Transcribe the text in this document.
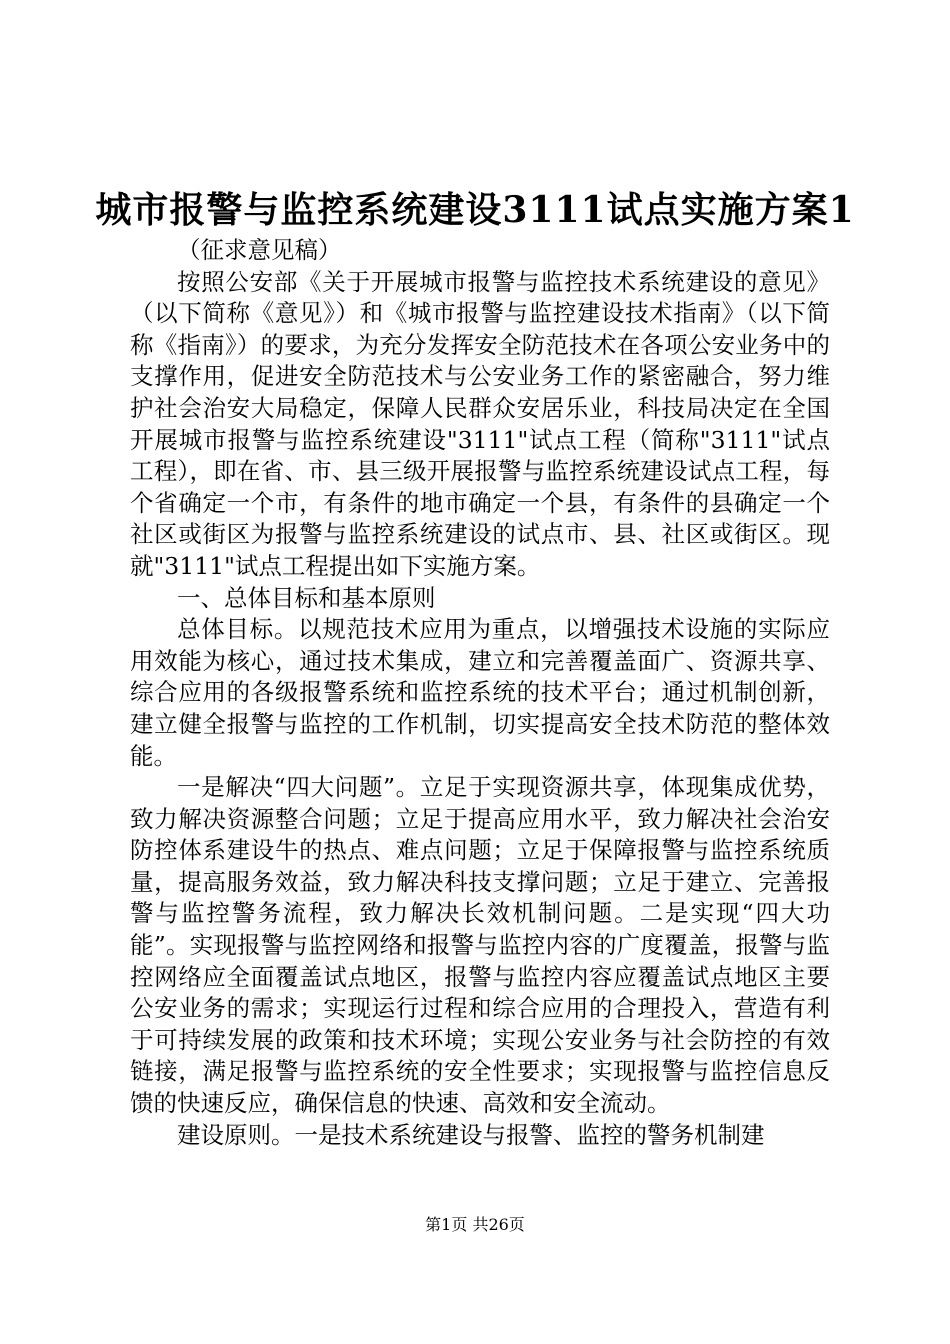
城市报警与监控系统建设3111试点实施方案1

（征求意见稿）

按照公安部《关于开展城市报警与监控技术系统建设的意见》（以下简称《意见》）和《城市报警与监控建设技术指南》（以下简称《指南》）的要求，为充分发挥安全防范技术在各项公安业务中的支撑作用，促进安全防范技术与公安业务工作的紧密融合，努力维护社会治安大局稳定，保障人民群众安居乐业，科技局决定在全国开展城市报警与监控系统建设"3111"试点工程（简称"3111"试点工程），即在省、市、县三级开展报警与监控系统建设试点工程，每个省确定一个市，有条件的地市确定一个县，有条件的县确定一个社区或街区为报警与监控系统建设的试点市、县、社区或街区。现就"3111"试点工程提出如下实施方案。

一、总体目标和基本原则

总体目标。以规范技术应用为重点，以增强技术设施的实际应用效能为核心，通过技术集成，建立和完善覆盖面广、资源共享、综合应用的各级报警系统和监控系统的技术平台；通过机制创新，建立健全报警与监控的工作机制，切实提高安全技术防范的整体效能。

一是解决“四大问题”。立足于实现资源共享，体现集成优势，致力解决资源整合问题；立足于提高应用水平，致力解决社会治安防控体系建设牛的热点、难点问题；立足于保障报警与监控系统质量，提高服务效益，致力解决科技支撑问题；立足于建立、完善报警与监控警务流程，致力解决长效机制问题。二是实现“四大功能”。实现报警与监控网络和报警与监控内容的广度覆盖，报警与监控网络应全面覆盖试点地区，报警与监控内容应覆盖试点地区主要公安业务的需求；实现运行过程和综合应用的合理投入，营造有利于可持续发展的政策和技术环境；实现公安业务与社会防控的有效链接，满足报警与监控系统的安全性要求；实现报警与监控信息反馈的快速反应，确保信息的快速、高效和安全流动。

建设原则。一是技术系统建设与报警、监控的警务机制建

第1页 共26页
